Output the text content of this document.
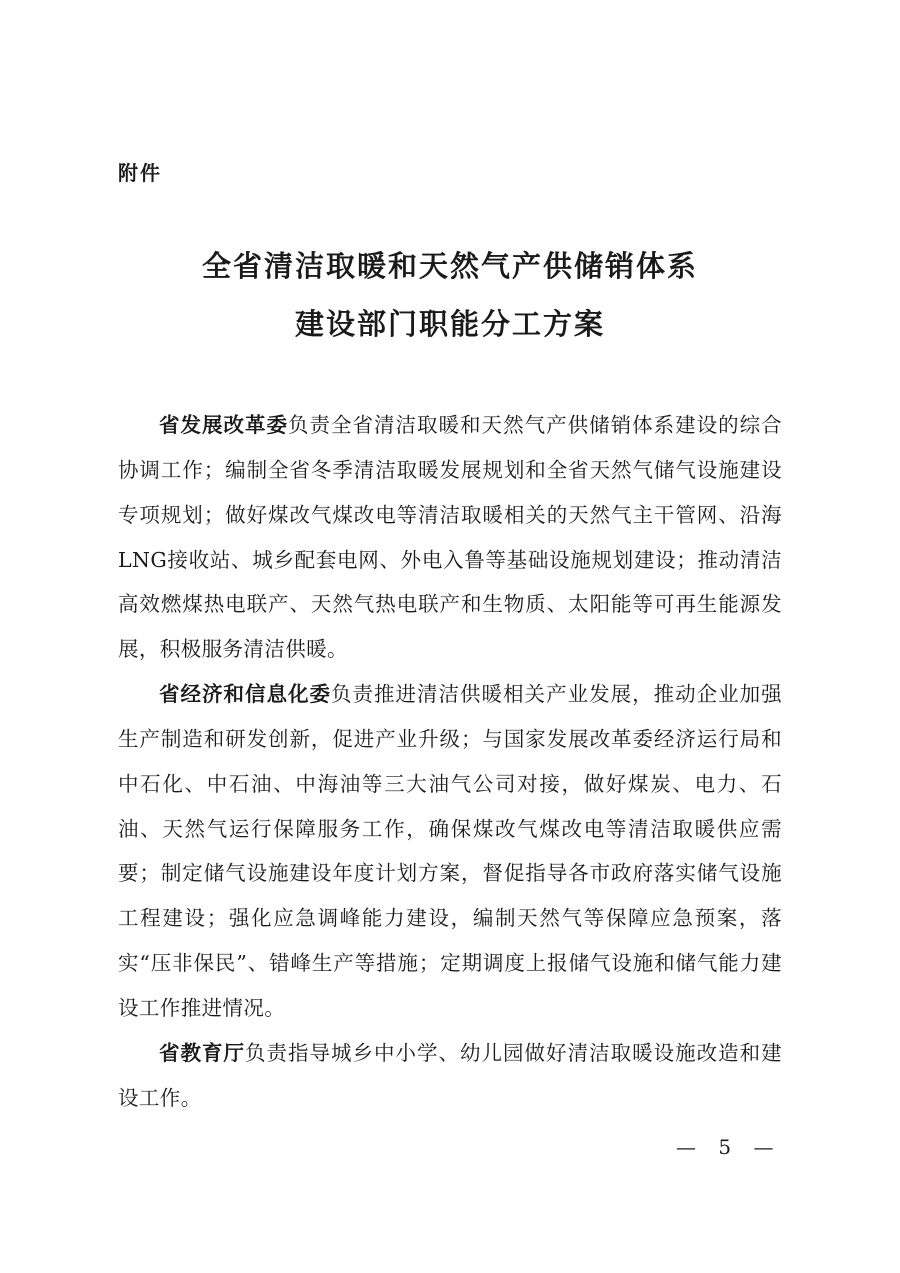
附件
全省清洁取暖和天然气产供储销体系
建设部门职能分工方案

省发展改革委负责全省清洁取暖和天然气产供储销体系建设的综合协调工作；编制全省冬季清洁取暖发展规划和全省天然气储气设施建设专项规划；做好煤改气煤改电等清洁取暖相关的天然气主干管网、沿海LNG接收站、城乡配套电网、外电入鲁等基础设施规划建设；推动清洁高效燃煤热电联产、天然气热电联产和生物质、太阳能等可再生能源发展，积极服务清洁供暖。

省经济和信息化委负责推进清洁供暖相关产业发展，推动企业加强生产制造和研发创新，促进产业升级；与国家发展改革委经济运行局和中石化、中石油、中海油等三大油气公司对接，做好煤炭、电力、石油、天然气运行保障服务工作，确保煤改气煤改电等清洁取暖供应需要；制定储气设施建设年度计划方案，督促指导各市政府落实储气设施工程建设；强化应急调峰能力建设，编制天然气等保障应急预案，落实“压非保民”、错峰生产等措施；定期调度上报储气设施和储气能力建设工作推进情况。

省教育厅负责指导城乡中小学、幼儿园做好清洁取暖设施改造和建设工作。

— 5 —
